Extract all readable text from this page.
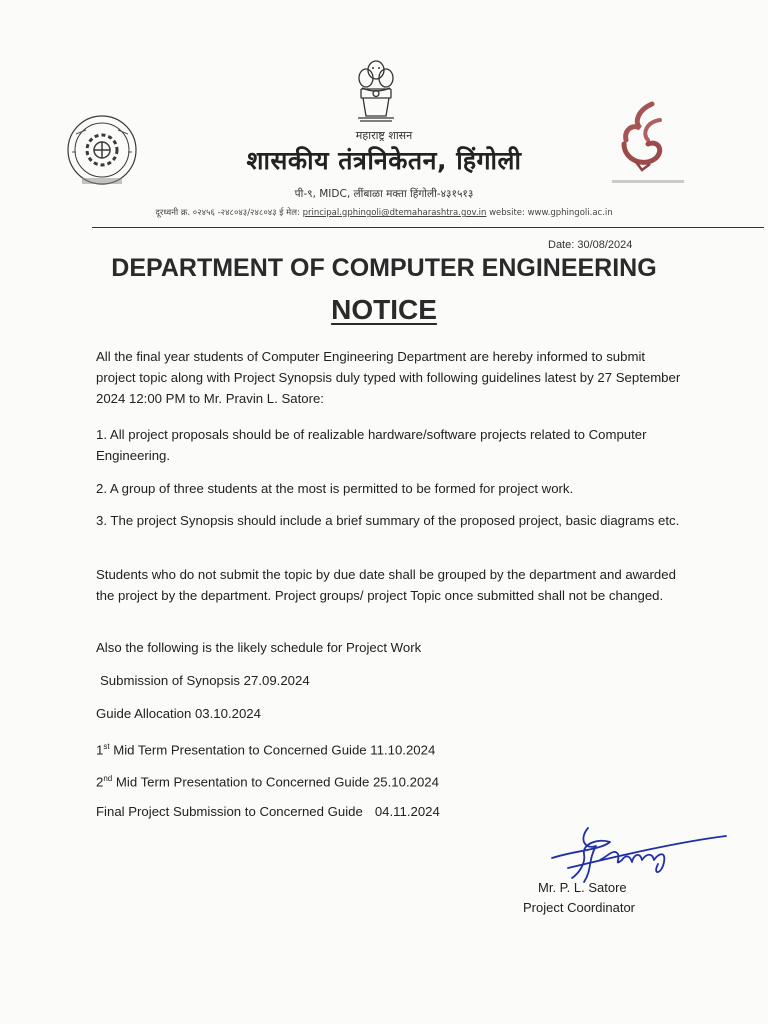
महाराष्ट्र शासन
शासकीय तंत्रनिकेतन, हिंगोली
पी-९, MIDC, लींबाळा मक्ता हिंगोली-४३१५१३
दूरध्वनी क्र. ०२४५६ -२४८०४३/२४८०४३ ई मेल: principal.gphingoli@dtemaharashtra.gov.in website: www.gphingoli.ac.in
Date: 30/08/2024
DEPARTMENT OF COMPUTER ENGINEERING
NOTICE
All the final year students of Computer Engineering Department are hereby informed to submit project topic along with Project Synopsis duly typed with following guidelines latest by 27 September 2024 12:00 PM to Mr. Pravin L. Satore:
1. All project proposals should be of realizable hardware/software projects related to Computer Engineering.
2. A group of three students at the most is permitted to be formed for project work.
3. The project Synopsis should include a brief summary of the proposed project, basic diagrams etc.
Students who do not submit the topic by due date shall be grouped by the department and awarded the project by the department. Project groups/ project Topic once submitted shall not be changed.
Also the following is the likely schedule for Project Work
Submission of Synopsis 27.09.2024
Guide Allocation 03.10.2024
1st Mid Term Presentation to Concerned Guide 11.10.2024
2nd Mid Term Presentation to Concerned Guide 25.10.2024
Final Project Submission to Concerned Guide 04.11.2024
Mr. P. L. Satore
Project Coordinator
